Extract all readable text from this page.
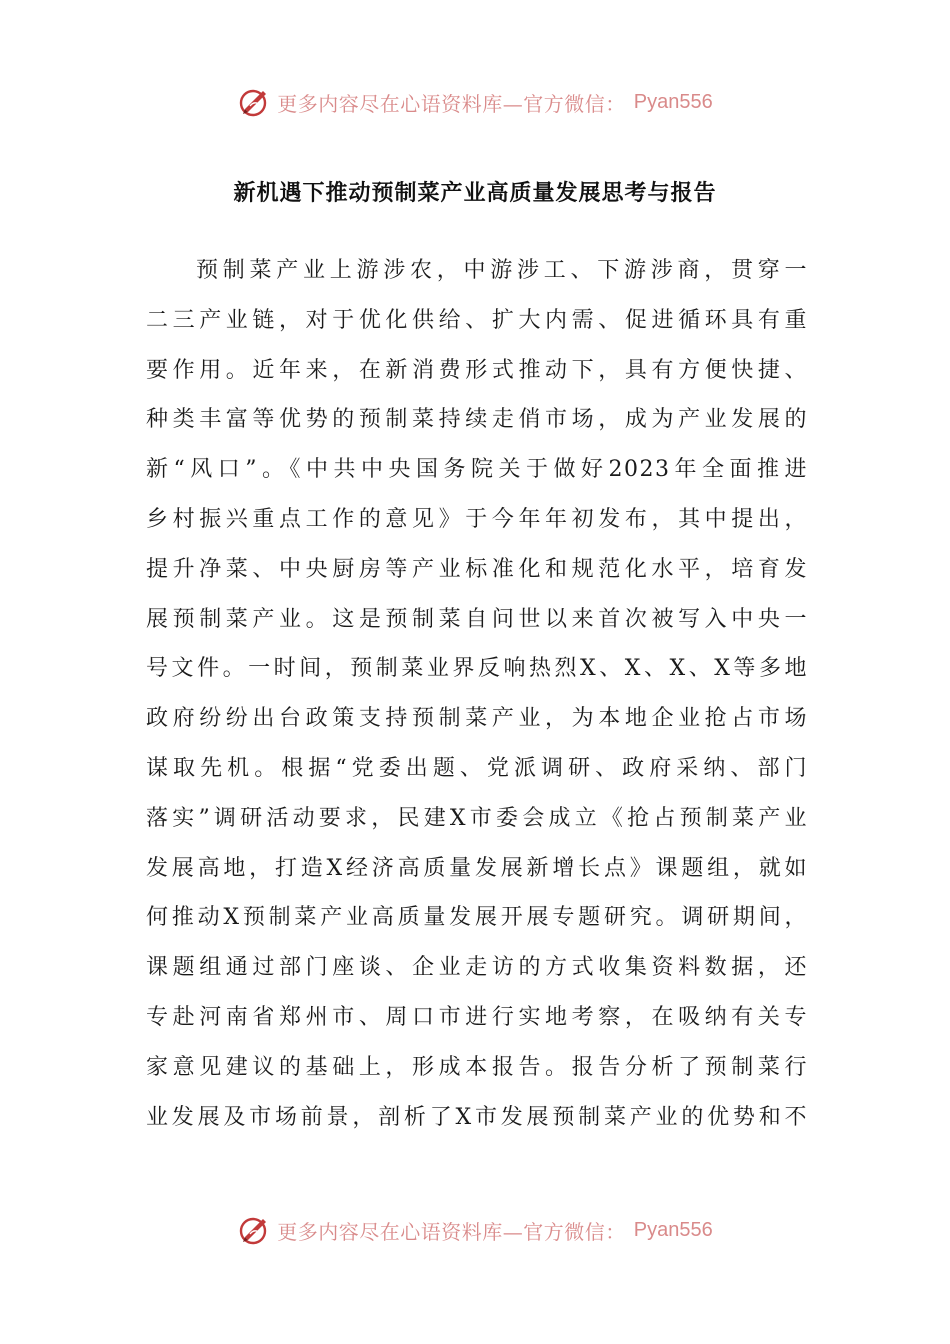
更多内容尽在心语资料库—官方微信： Pyan556
新机遇下推动预制菜产业高质量发展思考与报告
预制菜产业上游涉农，中游涉工、下游涉商，贯穿一
二三产业链，对于优化供给、扩大内需、促进循环具有重
要作用。近年来，在新消费形式推动下，具有方便快捷、
种类丰富等优势的预制菜持续走俏市场，成为产业发展的
新“风口”。《中共中央国务院关于做好2023年全面推进
乡村振兴重点工作的意见》于今年年初发布，其中提出，
提升净菜、中央厨房等产业标准化和规范化水平，培育发
展预制菜产业。这是预制菜自问世以来首次被写入中央一
号文件。一时间，预制菜业界反响热烈X、X、X、X等多地
政府纷纷出台政策支持预制菜产业，为本地企业抢占市场
谋取先机。根据“党委出题、党派调研、政府采纳、部门
落实”调研活动要求，民建X市委会成立《抢占预制菜产业
发展高地，打造X经济高质量发展新增长点》课题组，就如
何推动X预制菜产业高质量发展开展专题研究。调研期间，
课题组通过部门座谈、企业走访的方式收集资料数据，还
专赴河南省郑州市、周口市进行实地考察，在吸纳有关专
家意见建议的基础上，形成本报告。报告分析了预制菜行
业发展及市场前景，剖析了X市发展预制菜产业的优势和不
更多内容尽在心语资料库—官方微信： Pyan556
